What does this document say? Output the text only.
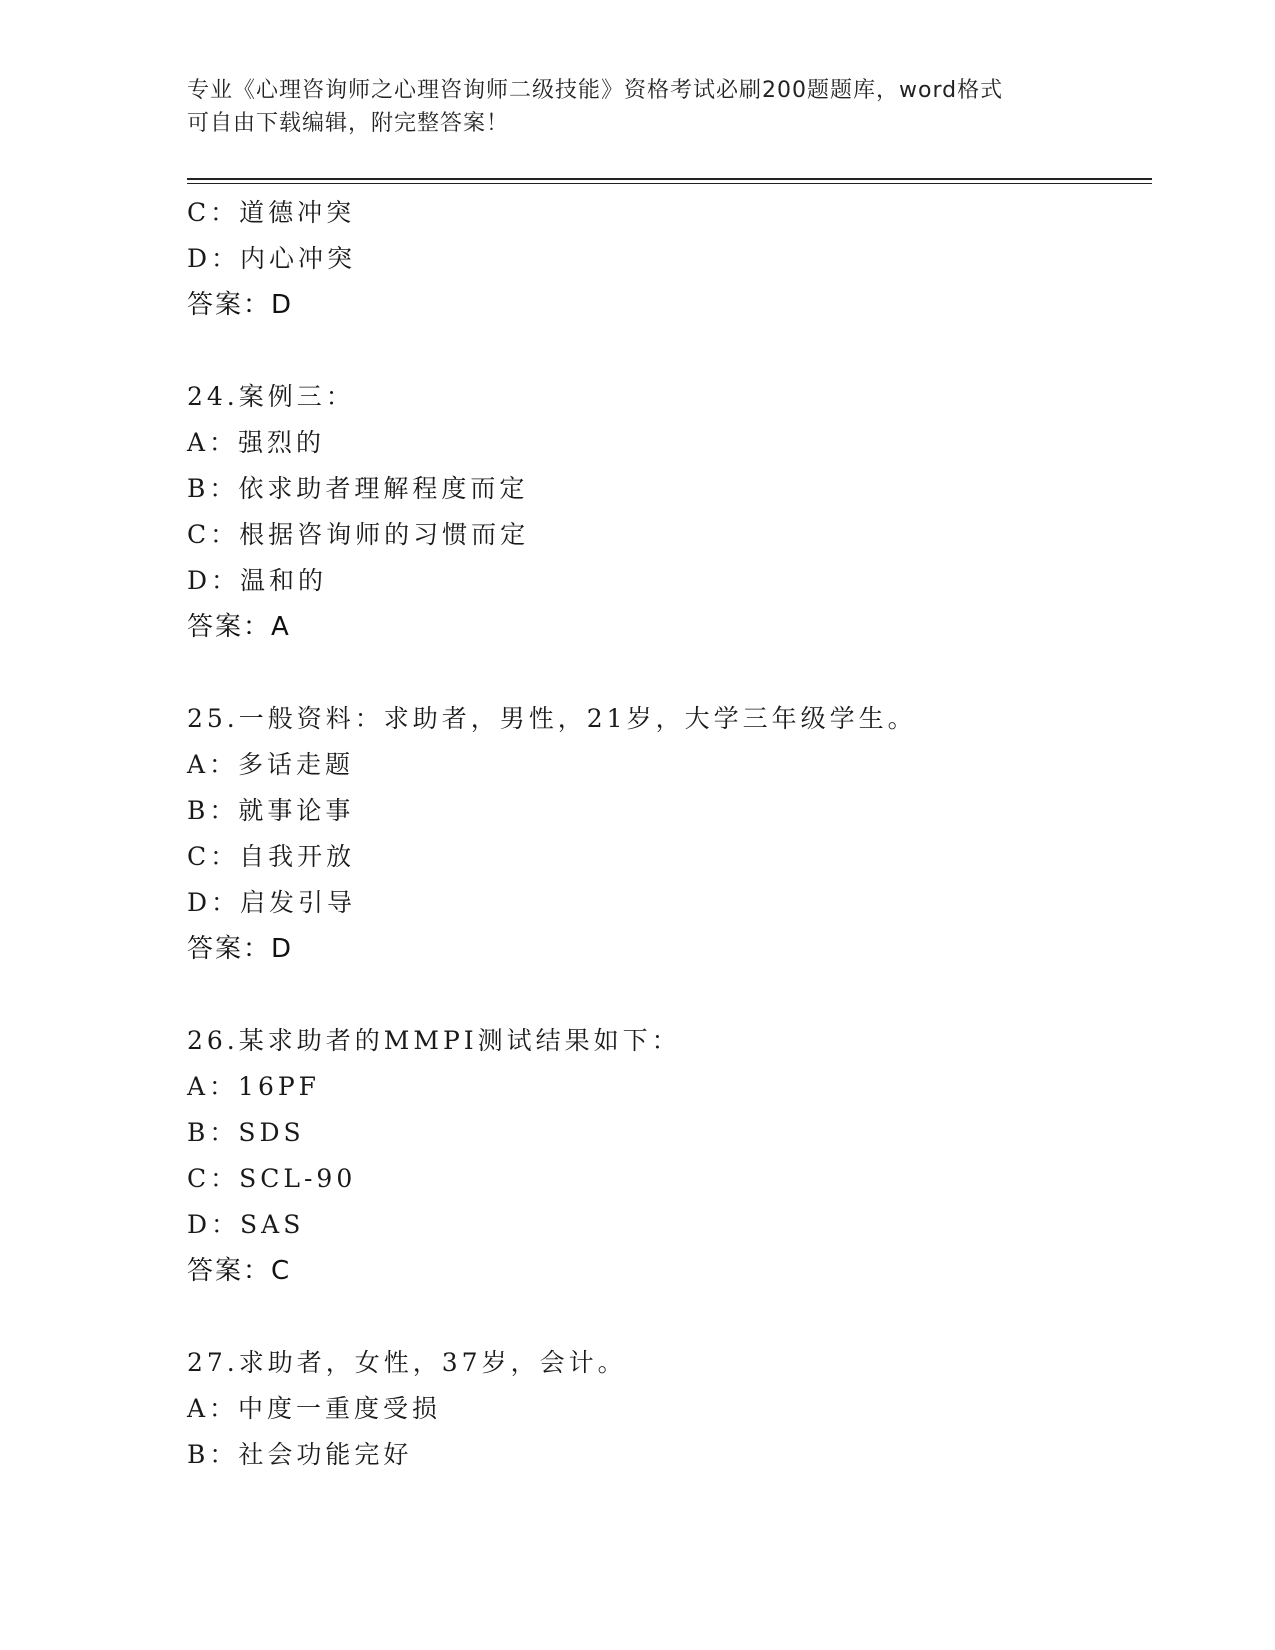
专业《心理咨询师之心理咨询师二级技能》资格考试必刷200题题库，word格式
可自由下载编辑，附完整答案！
C：道德冲突
D：内心冲突
答案：D
24.案例三：
A：强烈的
B：依求助者理解程度而定
C：根据咨询师的习惯而定
D：温和的
答案：A
25.一般资料：求助者，男性，21岁，大学三年级学生。
A：多话走题
B：就事论事
C：自我开放
D：启发引导
答案：D
26.某求助者的MMPI测试结果如下：
A：16PF
B：SDS
C：SCL-90
D：SAS
答案：C
27.求助者，女性，37岁，会计。
A：中度一重度受损
B：社会功能完好
